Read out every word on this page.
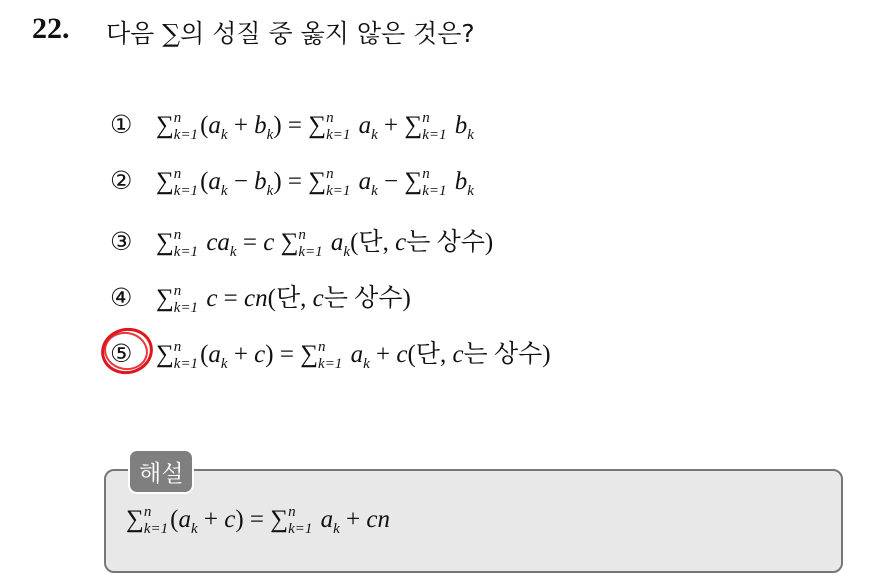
22. 다음 ∑의 성질 중 옳지 않은 것은?
① ∑ n
k=1 $(a_k + b_k)$ = ∑ n
k=1 $a_k$ + ∑ n
k=1 $b_k$
② ∑ n
k=1 $(a_k - b_k)$ = ∑ n
k=1 $a_k$ − ∑ n
k=1 $b_k$
③ ∑ n
k=1 $ca_k = c$ ∑ n
k=1 $a_k$(단, c는 상수)
④ ∑ n
k=1 c = cn(단, c는 상수)
⑤ ∑ n
k=1 $(a_k + c)$ = ∑ n
k=1 $a_k + c$(단, c는 상수)
해설
∑ n
k=1 $(a_k + c)$ = ∑ n
k=1 $a_k$ + cn
